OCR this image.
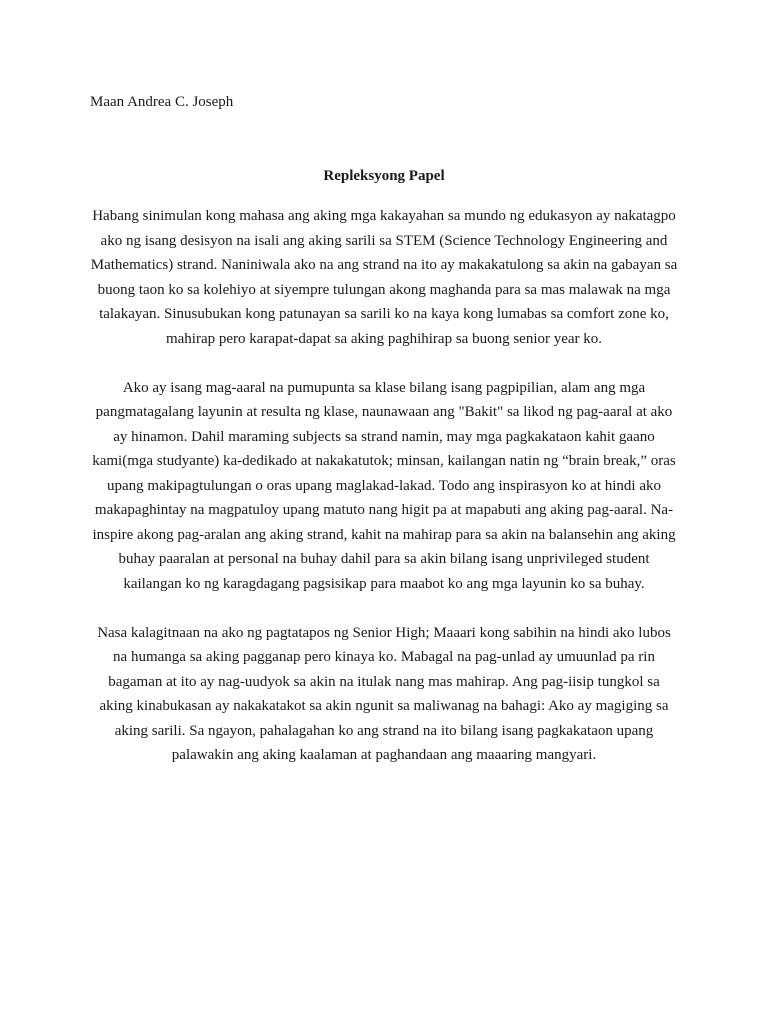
Maan Andrea C. Joseph

Repleksyong Papel

Habang sinimulan kong mahasa ang aking mga kakayahan sa mundo ng edukasyon ay nakatagpo ako ng isang desisyon na isali ang aking sarili sa STEM (Science Technology Engineering and Mathematics) strand. Naniniwala ako na ang strand na ito ay makakatulong sa akin na gabayan sa buong taon ko sa kolehiyo at siyempre tulungan akong maghanda para sa mas malawak na mga talakayan. Sinusubukan kong patunayan sa sarili ko na kaya kong lumabas sa comfort zone ko, mahirap pero karapat-dapat sa aking paghihirap sa buong senior year ko.

Ako ay isang mag-aaral na pumupunta sa klase bilang isang pagpipilian, alam ang mga pangmatagalang layunin at resulta ng klase, naunawaan ang "Bakit" sa likod ng pag-aaral at ako ay hinamon. Dahil maraming subjects sa strand namin, may mga pagkakataon kahit gaano kami(mga studyante) ka-dedikado at nakakatutok; minsan, kailangan natin ng “brain break,” oras upang makipagtulungan o oras upang maglakad-lakad. Todo ang inspirasyon ko at hindi ako makapaghintay na magpatuloy upang matuto nang higit pa at mapabuti ang aking pag-aaral. Na-inspire akong pag-aralan ang aking strand, kahit na mahirap para sa akin na balansehin ang aking buhay paaralan at personal na buhay dahil para sa akin bilang isang unprivileged student kailangan ko ng karagdagang pagsisikap para maabot ko ang mga layunin ko sa buhay.

Nasa kalagitnaan na ako ng pagtatapos ng Senior High; Maaari kong sabihin na hindi ako lubos na humanga sa aking pagganap pero kinaya ko. Mabagal na pag-unlad ay umuunlad pa rin bagaman at ito ay nag-uudyok sa akin na itulak nang mas mahirap. Ang pag-iisip tungkol sa aking kinabukasan ay nakakatakot sa akin ngunit sa maliwanag na bahagi: Ako ay magiging sa aking sarili. Sa ngayon, pahalagahan ko ang strand na ito bilang isang pagkakataon upang palawakin ang aking kaalaman at paghandaan ang maaaring mangyari.
